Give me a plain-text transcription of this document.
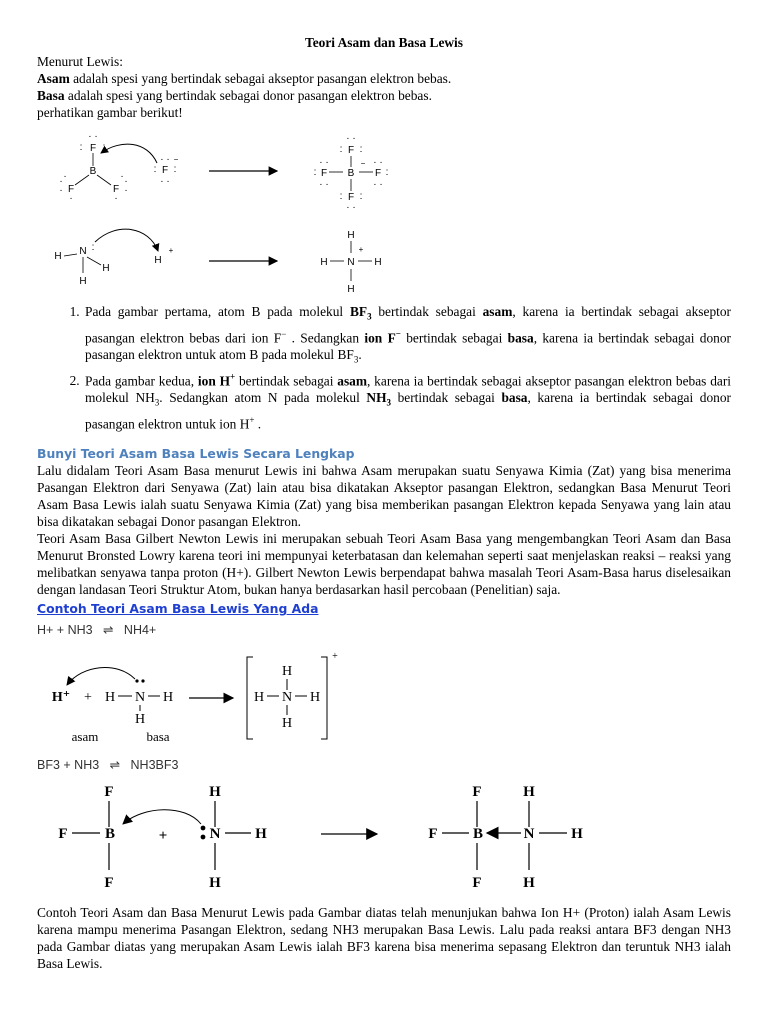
Teori Asam dan Basa Lewis

Menurut Lewis:

Asam adalah spesi yang bertindak sebagai akseptor pasangan elektron bebas.

Basa adalah spesi yang bertindak sebagai donor pasangan elektron bebas.

perhatikan gambar berikut!

F
: :
· ·
B
F	F
· ·
·
·
·
·
·
·
F
: :
· ·
· ·
−
F
: :
· ·
B
−
F	F
:	:
· ·
· ·
· ·
· ·
F
: :
· ·
H N :
H
H
H
+
H
+
H N H
H
1. Pada gambar pertama, atom B pada molekul $BF_3$ bertindak sebagai asam, karena ia bertindak sebagai akseptor pasangan elektron bebas dari ion F− . Sedangkan ion F− bertindak sebagai basa, karena ia bertindak sebagai donor pasangan elektron untuk atom B pada molekul $BF_3$.
2. Pada gambar kedua, ion H+ bertindak sebagai asam, karena ia bertindak sebagai akseptor pasangan elektron bebas dari molekul $NH_3$. Sedangkan atom N pada molekul $NH_3$ bertindak sebagai basa, karena ia bertindak sebagai donor pasangan elektron untuk ion H+ .

Bunyi Teori Asam Basa Lewis Secara Lengkap

Lalu didalam Teori Asam Basa menurut Lewis ini bahwa Asam merupakan suatu Senyawa Kimia (Zat) yang bisa menerima Pasangan Elektron dari Senyawa (Zat) lain atau bisa dikatakan Akseptor pasangan Elektron, sedangkan Basa Menurut Teori Asam Basa Lewis ialah suatu Senyawa Kimia (Zat) yang bisa memberikan pasangan Elektron kepada Senyawa yang lain atau bisa dikatakan sebagai Donor pasangan Elektron.

Teori Asam Basa Gilbert Newton Lewis ini merupakan sebuah Teori Asam Basa yang mengembangkan Teori Asam dan Basa Menurut Bronsted Lowry karena teori ini mempunyai keterbatasan dan kelemahan seperti saat menjelaskan reaksi – reaksi yang melibatkan senyawa tanpa proton (H+). Gilbert Newton Lewis berpendapat bahwa masalah Teori Asam-Basa harus diselesaikan dengan landasan Teori Struktur Atom, bukan hanya berdasarkan hasil percobaan (Penelitian) saja.

Contoh Teori Asam Basa Lewis Yang Ada

H+ + NH3 ⇌ NH4+

H⁺ + H N H
H
asam	basa
+
H
H N H
H

BF3 + NH3 ⇌ NH3BF3

F
F B
F
+
H
N H
H
F
F B
F
H
N H
H

Contoh Teori Asam dan Basa Menurut Lewis pada Gambar diatas telah menunjukan bahwa Ion H+ (Proton) ialah Asam Lewis karena mampu menerima Pasangan Elektron, sedang NH3 merupakan Basa Lewis. Lalu pada reaksi antara BF3 dengan NH3 pada Gambar diatas yang merupakan Asam Lewis ialah BF3 karena bisa menerima sepasang Elektron dan teruntuk NH3 ialah Basa Lewis.
